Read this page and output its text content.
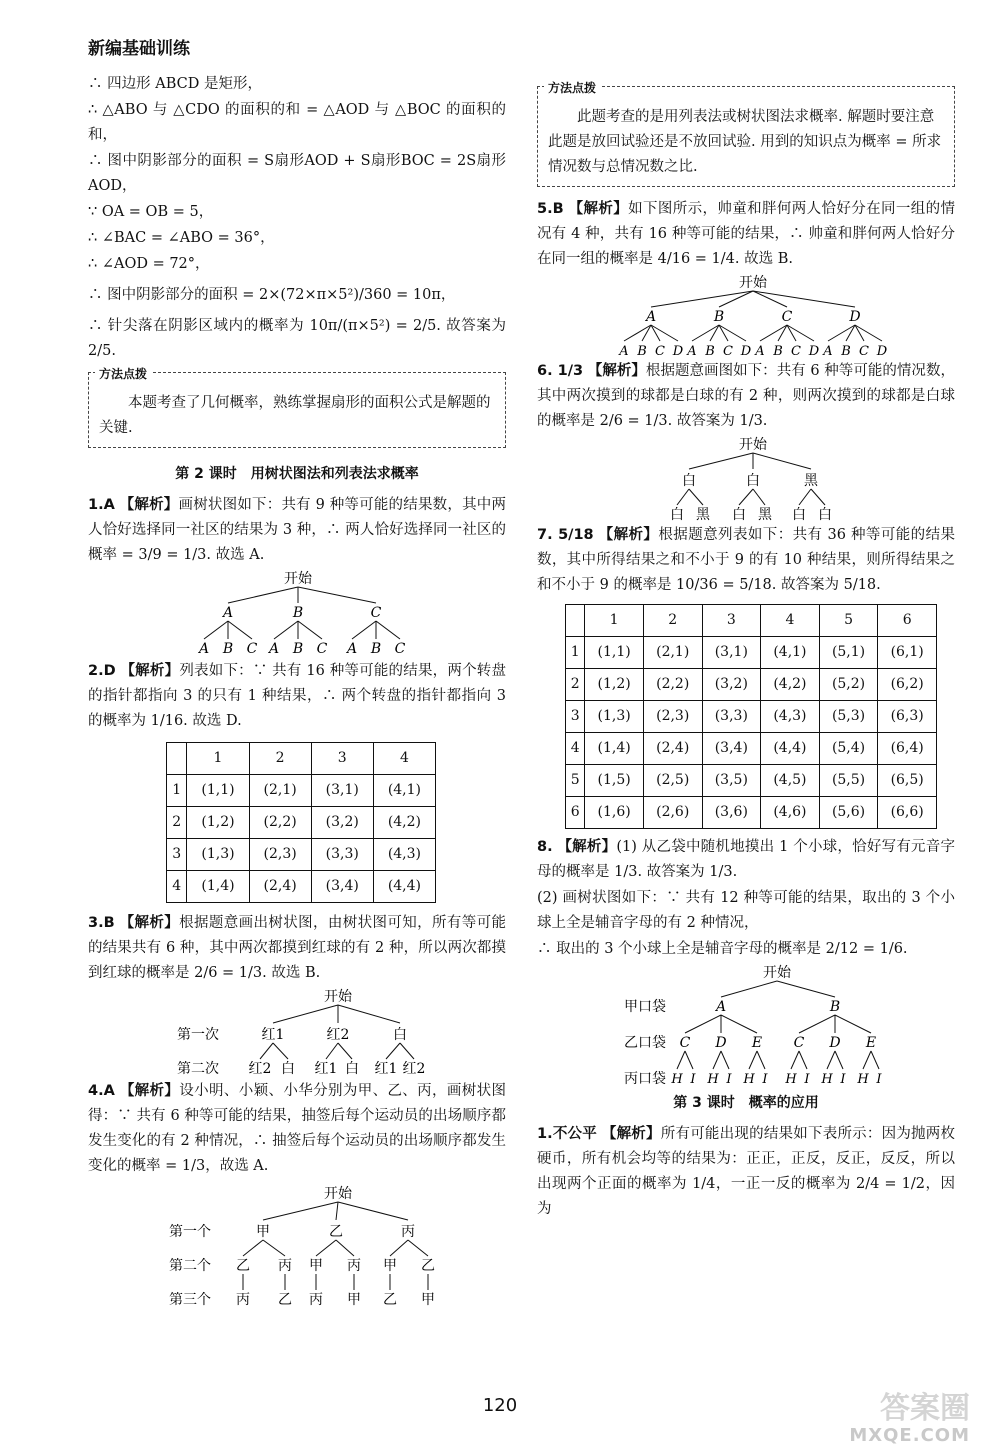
新编基础训练

∴ 四边形 ABCD 是矩形，

∴ △ABO 与 △CDO 的面积的和 = △AOD 与 △BOC 的面积的和，

∴ 图中阴影部分的面积 = S扇形AOD + S扇形BOC = 2S扇形AOD，

∵ OA = OB = 5，

∴ ∠BAC = ∠ABO = 36°，

∴ ∠AOD = 72°，

∴ 图中阴影部分的面积 = 2×(72×π×5²)/360 = 10π，

∴ 针尖落在阴影区域内的概率为 10π/(π×5²) = 2/5. 故答案为 2/5.

方法点拨
本题考查了几何概率，熟练掌握扇形的面积公式是解题的关键.
第 2 课时　用树状图法和列表法求概率

1.A 【解析】画树状图如下：共有 9 种等可能的结果数，其中两人恰好选择同一社区的结果为 3 种，∴ 两人恰好选择同一社区的概率 = 3/9 = 1/3. 故选 A.

开始
A	B	C
A B C A B C A B C

2.D 【解析】列表如下：∵ 共有 16 种等可能的结果，两个转盘的指针都指向 3 的只有 1 种结果，∴ 两个转盘的指针都指向 3 的概率为 1/16. 故选 D.

	1	2	3	4
1	(1,1)	(2,1)	(3,1)	(4,1)
2	(1,2)	(2,2)	(3,2)	(4,2)
3	(1,3)	(2,3)	(3,3)	(4,3)
4	(1,4)	(2,4)	(3,4)	(4,4)

3.B 【解析】根据题意画出树状图，由树状图可知，所有等可能的结果共有 6 种，其中两次都摸到红球的有 2 种，所以两次都摸到红球的概率是 2/6 = 1/3. 故选 B.

开始
第一次
第二次
红1	红2	白
红2 白 红1 白 红1 红2

4.A 【解析】设小明、小颖、小华分别为甲、乙、丙，画树状图得：∵ 共有 6 种等可能的结果，抽签后每个运动员的出场顺序都发生变化的有 2 种情况，∴ 抽签后每个运动员的出场顺序都发生变化的概率 = 1/3，故选 A.

开始
第一个
第二个
第三个
甲	乙	丙
乙 丙 甲 丙 甲 乙
丙 乙 丙 甲 乙 甲
方法点拨
此题考查的是用列表法或树状图法求概率. 解题时要注意此题是放回试验还是不放回试验. 用到的知识点为概率 = 所求情况数与总情况数之比.

5.B 【解析】如下图所示，帅童和胖何两人恰好分在同一组的情况有 4 种，共有 16 种等可能的结果，∴ 帅童和胖何两人恰好分在同一组的概率是 4/16 = 1/4. 故选 B.

开始
A
A B C D
B
A B C D
C
A B C D
D
A B C D

6. 1/3 【解析】根据题意画图如下：共有 6 种等可能的情况数，其中两次摸到的球都是白球的有 2 种，则两次摸到的球都是白球的概率是 2/6 = 1/3. 故答案为 1/3.

开始
白	白	黑
白 黑 白 黑 白 白

7. 5/18 【解析】根据题意列表如下：共有 36 种等可能的结果数，其中所得结果之和不小于 9 的有 10 种结果，则所得结果之和不小于 9 的概率是 10/36 = 5/18. 故答案为 5/18.

	1	2	3	4	5	6
1	(1,1)	(2,1)	(3,1)	(4,1)	(5,1)	(6,1)
2	(1,2)	(2,2)	(3,2)	(4,2)	(5,2)	(6,2)
3	(1,3)	(2,3)	(3,3)	(4,3)	(5,3)	(6,3)
4	(1,4)	(2,4)	(3,4)	(4,4)	(5,4)	(6,4)
5	(1,5)	(2,5)	(3,5)	(4,5)	(5,5)	(6,5)
6	(1,6)	(2,6)	(3,6)	(4,6)	(5,6)	(6,6)

8. 【解析】(1) 从乙袋中随机地摸出 1 个小球，恰好写有元音字母的概率是 1/3. 故答案为 1/3.

(2) 画树状图如下：∵ 共有 12 种等可能的结果，取出的 3 个小球上全是辅音字母的有 2 种情况，

∴ 取出的 3 个小球上全是辅音字母的概率是 2/12 = 1/6.

开始
甲口袋
乙口袋
丙口袋
A
C
H I
D
H I
E
H I
B
C
H I
D
H I
E
H I
第 3 课时　概率的应用

1.不公平 【解析】所有可能出现的结果如下表所示：因为抛两枚硬币，所有机会均等的结果为：正正，正反，反正，反反，所以出现两个正面的概率为 1/4，一正一反的概率为 2/4 = 1/2，因为

120	答案圈
MXQE.COM
